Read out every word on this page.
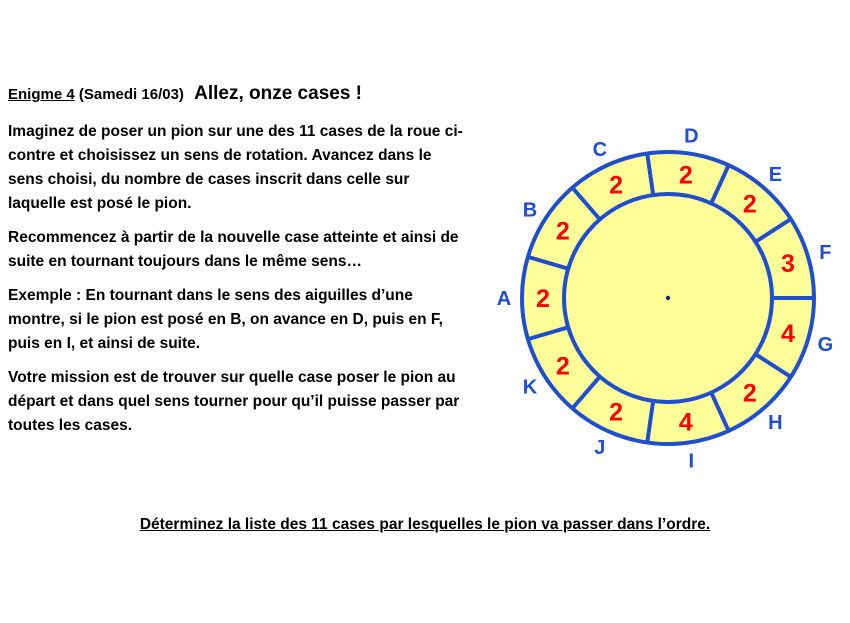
Enigme 4 (Samedi 16/03) Allez, onze cases !

Imaginez de poser un pion sur une des 11 cases de la roue ci-contre et choisissez un sens de rotation. Avancez dans le sens choisi, du nombre de cases inscrit dans celle sur laquelle est posé le pion.

Recommencez à partir de la nouvelle case atteinte et ainsi de suite en tournant toujours dans le même sens…

Exemple : En tournant dans le sens des aiguilles d’une montre, si le pion est posé en B, on avance en D, puis en F, puis en I, et ainsi de suite.

Votre mission est de trouver sur quelle case poser le pion au départ et dans quel sens tourner pour qu’il puisse passer par toutes les cases.

2
A
2
B
2
C
2
D
2
E
3 F
4 G
2
H
4
I
2
J
2
K
Déterminez la liste des 11 cases par lesquelles le pion va passer dans l’ordre.
